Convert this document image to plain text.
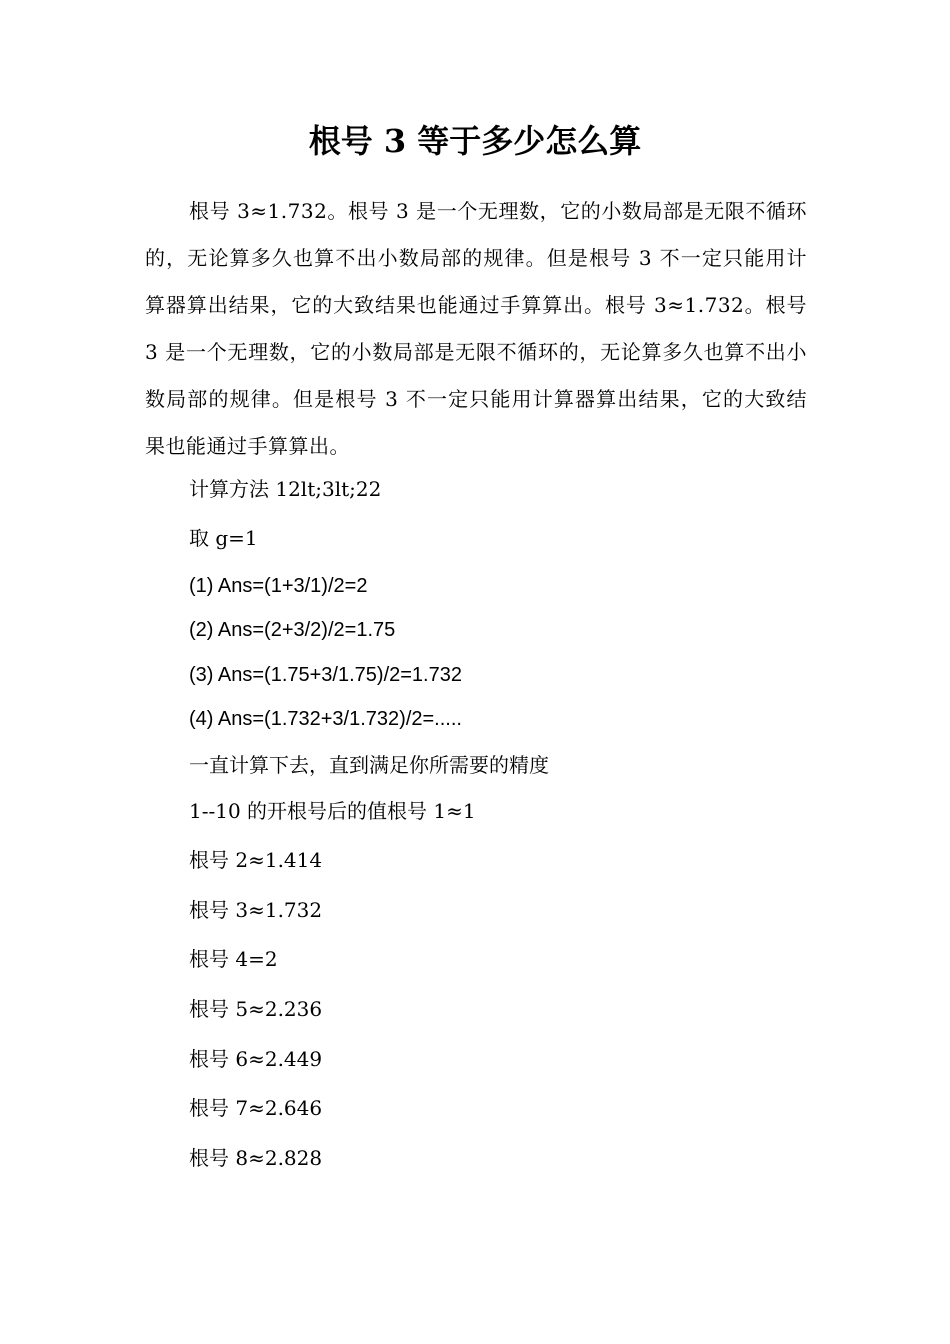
根号 3 等于多少怎么算

根号 3≈1.732。根号 3 是一个无理数，它的小数局部是无限不循环的，无论算多久也算不出小数局部的规律。但是根号 3 不一定只能用计算器算出结果，它的大致结果也能通过手算算出。根号 3≈1.732。根号 3 是一个无理数，它的小数局部是无限不循环的，无论算多久也算不出小数局部的规律。但是根号 3 不一定只能用计算器算出结果，它的大致结果也能通过手算算出。

计算方法 12lt;3lt;22

取 g=1

(1) Ans=(1+3/1)/2=2

(2) Ans=(2+3/2)/2=1.75

(3) Ans=(1.75+3/1.75)/2=1.732

(4) Ans=(1.732+3/1.732)/2=.....

一直计算下去，直到满足你所需要的精度

1--10 的开根号后的值根号 1≈1

根号 2≈1.414

根号 3≈1.732

根号 4=2

根号 5≈2.236

根号 6≈2.449

根号 7≈2.646

根号 8≈2.828
